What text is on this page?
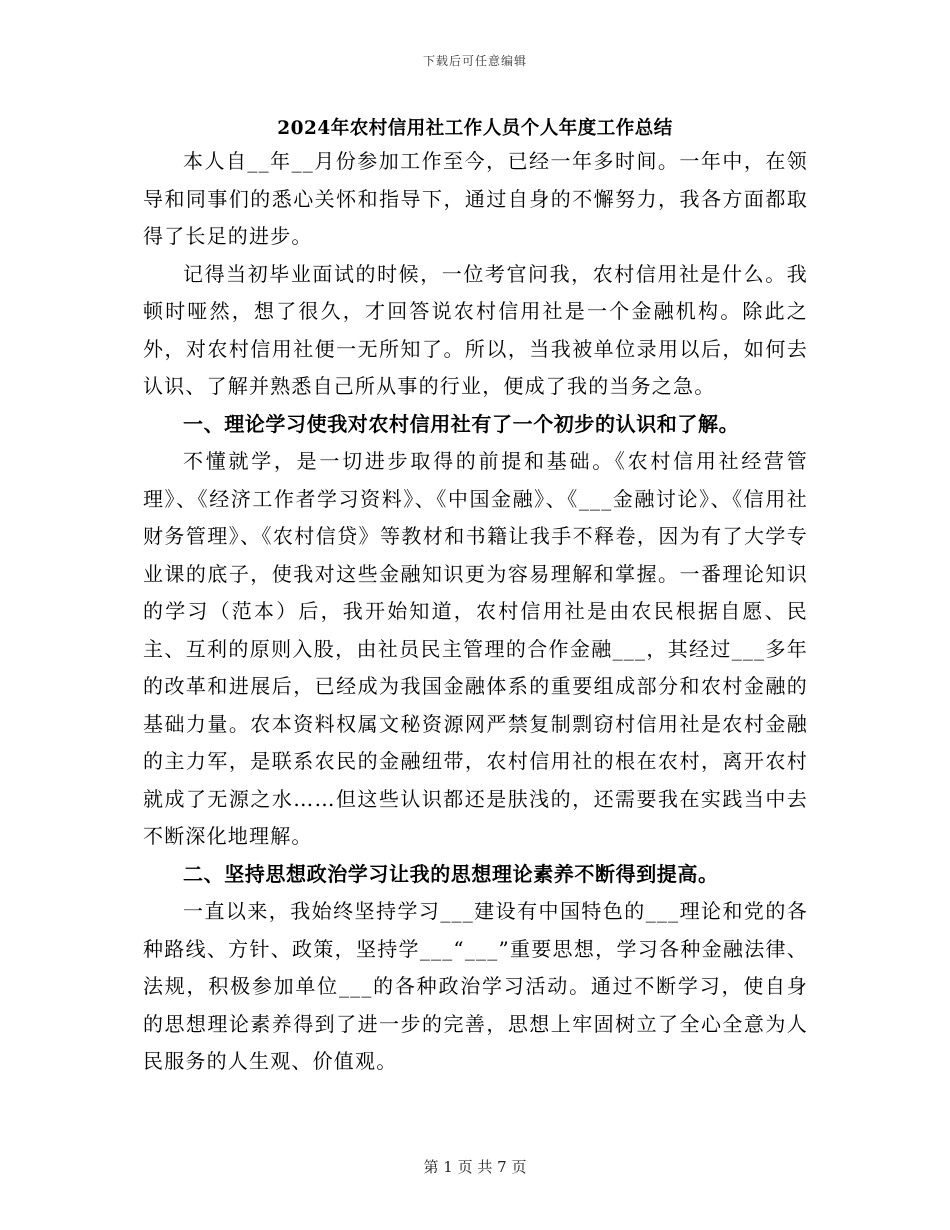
下载后可任意编辑
2024年农村信用社工作人员个人年度工作总结

本人自__年__月份参加工作至今，已经一年多时间。一年中，在领导和同事们的悉心关怀和指导下，通过自身的不懈努力，我各方面都取得了长足的进步。

记得当初毕业面试的时候，一位考官问我，农村信用社是什么。我顿时哑然，想了很久，才回答说农村信用社是一个金融机构。除此之外，对农村信用社便一无所知了。所以，当我被单位录用以后，如何去认识、了解并熟悉自己所从事的行业，便成了我的当务之急。

一、理论学习使我对农村信用社有了一个初步的认识和了解。

不懂就学，是一切进步取得的前提和基础。《农村信用社经营管理》、《经济工作者学习资料》、《中国金融》、《___金融讨论》、《信用社财务管理》、《农村信贷》等教材和书籍让我手不释卷，因为有了大学专业课的底子，使我对这些金融知识更为容易理解和掌握。一番理论知识的学习（范本）后，我开始知道，农村信用社是由农民根据自愿、民主、互利的原则入股，由社员民主管理的合作金融___，其经过___多年的改革和进展后，已经成为我国金融体系的重要组成部分和农村金融的基础力量。农本资料权属文秘资源网严禁复制剽窃村信用社是农村金融的主力军，是联系农民的金融纽带，农村信用社的根在农村，离开农村就成了无源之水……但这些认识都还是肤浅的，还需要我在实践当中去不断深化地理解。

二、坚持思想政治学习让我的思想理论素养不断得到提高。

一直以来，我始终坚持学习___建设有中国特色的___理论和党的各种路线、方针、政策，坚持学___“___”重要思想，学习各种金融法律、法规，积极参加单位___的各种政治学习活动。通过不断学习，使自身的思想理论素养得到了进一步的完善，思想上牢固树立了全心全意为人民服务的人生观、价值观。

第 1 页 共 7 页
